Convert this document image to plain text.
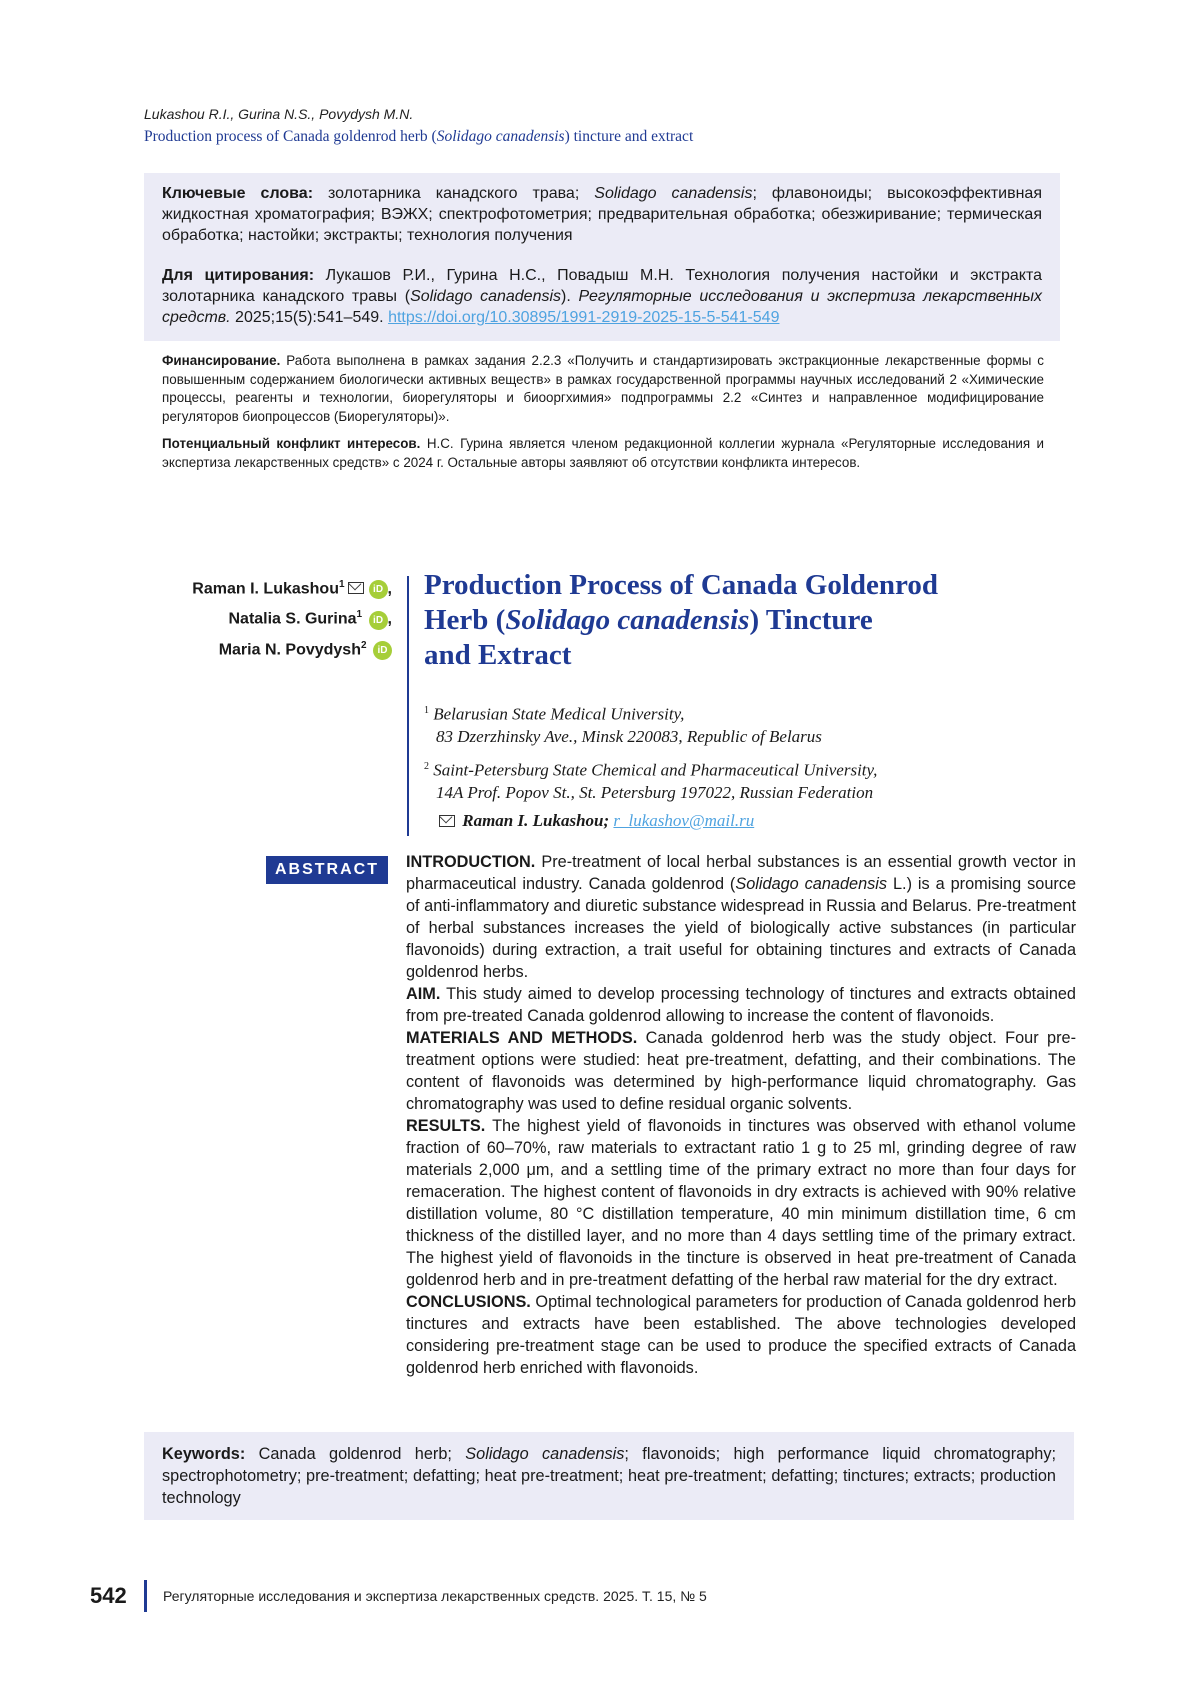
Lukashou R.I., Gurina N.S., Povydysh M.N.
Production process of Canada goldenrod herb (Solidago canadensis) tincture and extract

Ключевые слова: золотарника канадского трава; Solidago canadensis; флавоноиды; высокоэффективная жидкостная хроматография; ВЭЖХ; спектрофотометрия; предварительная обработка; обезжиривание; термическая обработка; настойки; экстракты; технология получения

Для цитирования: Лукашов Р.И., Гурина Н.С., Повадыш М.Н. Технология получения настойки и экстракта золотарника канадского травы (Solidago canadensis). Регуляторные исследования и экспертиза лекарственных средств. 2025;15(5):541–549. https://doi.org/10.30895/1991-2919-2025-15-5-541-549

Финансирование. Работа выполнена в рамках задания 2.2.3 «Получить и стандартизировать экстракционные лекарственные формы с повышенным содержанием биологически активных веществ» в рамках государственной программы научных исследований 2 «Химические процессы, реагенты и технологии, биорегуляторы и биооргхимия» подпрограммы 2.2 «Синтез и направленное модифицирование регуляторов биопроцессов (Биорегуляторы)».
Потенциальный конфликт интересов. Н.С. Гурина является членом редакционной коллегии журнала «Регуляторные исследования и экспертиза лекарственных средств» с 2024 г. Остальные авторы заявляют об отсутствии конфликта интересов.
Raman I. Lukashou$^1$	iD ,
Natalia S. Gurina$^1$ iD ,
Maria N. Povydysh$^2$ iD
Production Process of Canada Goldenrod
Herb (Solidago canadensis) Tincture
and Extract
$^1$ Belarusian State Medical University,
83 Dzerzhinsky Ave., Minsk 220083, Republic of Belarus
$^2$ Saint-Petersburg State Chemical and Pharmaceutical University,
14A Prof. Popov St., St. Petersburg 197022, Russian Federation
Raman I. Lukashou; r_lukashov@mail.ru
ABSTRACT	INTRODUCTION. Pre-treatment of local herbal substances is an essential growth vector in pharmaceutical industry. Canada goldenrod (Solidago canadensis L.) is a promising source of anti-inflammatory and diuretic substance widespread in Russia and Belarus. Pre-treatment of herbal substances increases the yield of biologically active substances (in particular flavonoids) during extraction, a trait useful for obtaining tinctures and extracts of Canada goldenrod herbs.

AIM. This study aimed to develop processing technology of tinctures and extracts obtained from pre-treated Canada goldenrod allowing to increase the content of flavonoids.

MATERIALS AND METHODS. Canada goldenrod herb was the study object. Four pre-treatment options were studied: heat pre-treatment, defatting, and their combinations. The content of flavonoids was determined by high-performance liquid chromatography. Gas chromatography was used to define residual organic solvents.

RESULTS. The highest yield of flavonoids in tinctures was observed with ethanol volume fraction of 60–70%, raw materials to extractant ratio 1 g to 25 ml, grinding degree of raw materials 2,000 μm, and a settling time of the primary extract no more than four days for remaceration. The highest content of flavonoids in dry extracts is achieved with 90% relative distillation volume, 80 °C distillation temperature, 40 min minimum distillation time, 6 cm thickness of the distilled layer, and no more than 4 days settling time of the primary extract. The highest yield of flavonoids in the tincture is observed in heat pre-treatment of Canada goldenrod herb and in pre-treatment defatting of the herbal raw material for the dry extract.

CONCLUSIONS. Optimal technological parameters for production of Canada goldenrod herb tinctures and extracts have been established. The above technologies developed considering pre-treatment stage can be used to produce the specified extracts of Canada goldenrod herb enriched with flavonoids.

Keywords: Canada goldenrod herb; Solidago canadensis; flavonoids; high performance liquid chromatography; spectrophotometry; pre-treatment; defatting; heat pre-treatment; heat pre-treatment; defatting; tinctures; extracts; production technology

542	Регуляторные исследования и экспертиза лекарственных средств. 2025. Т. 15, № 5
